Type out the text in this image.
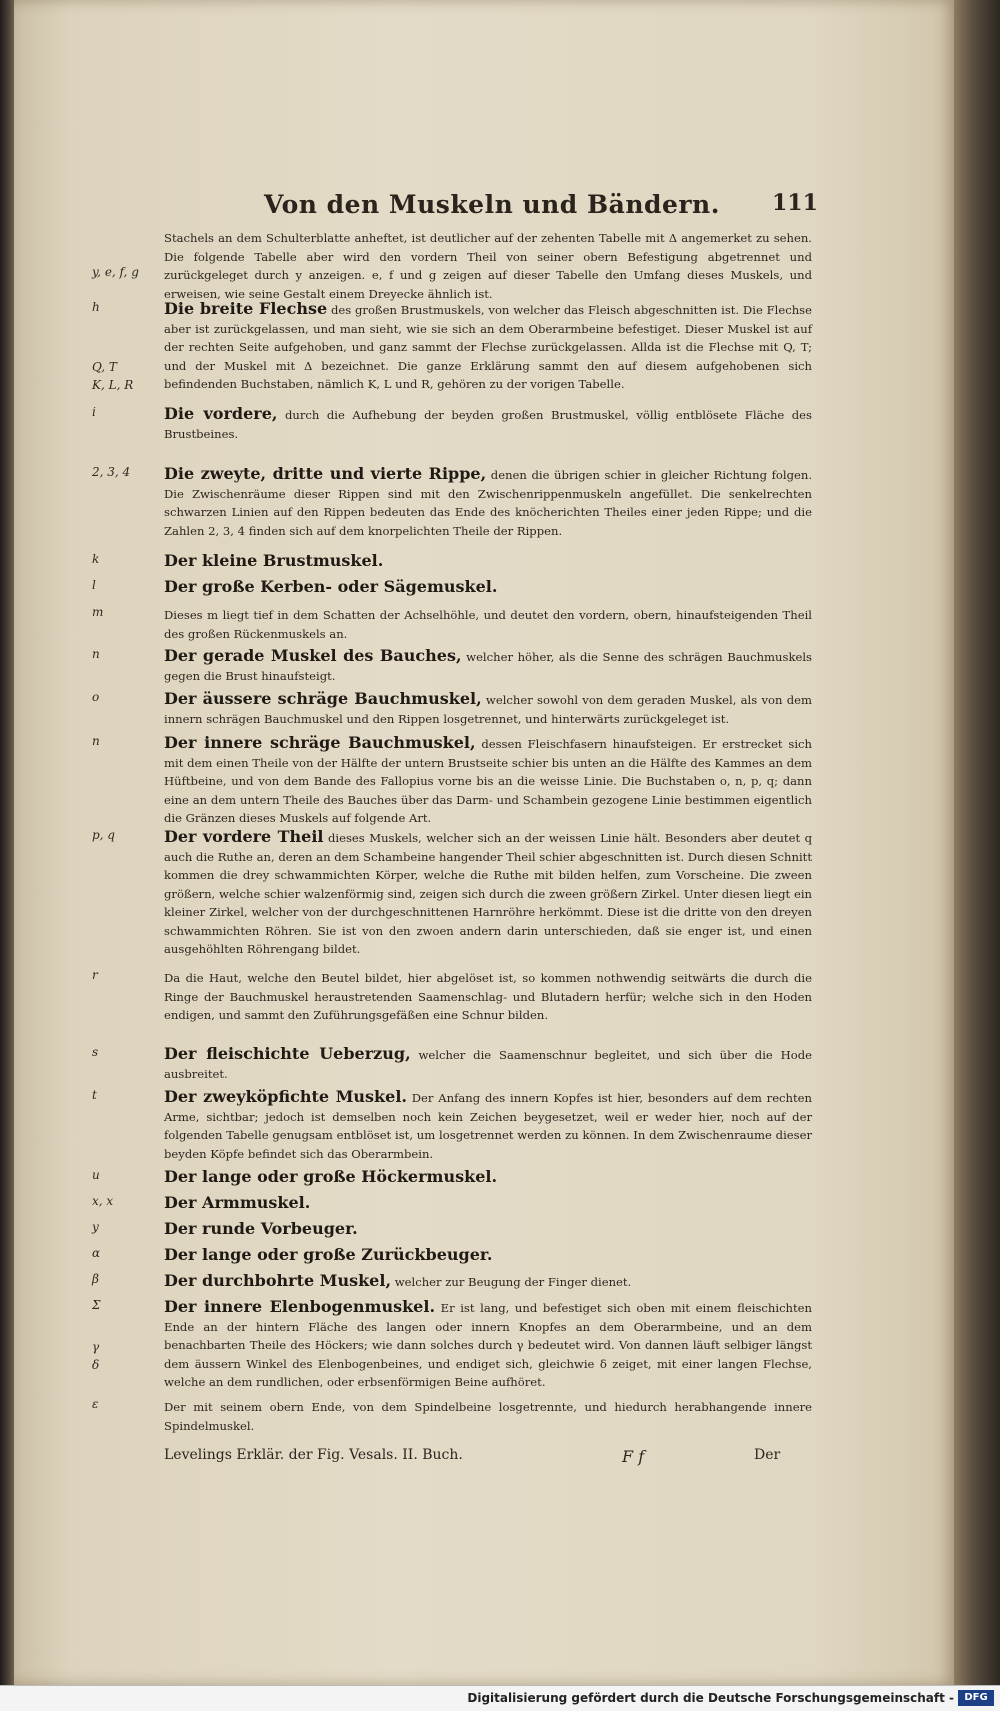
Von den Muskeln und Bändern.	111
Stachels an dem Schulterblatte anheftet, ist deutlicher auf der zehenten Tabelle mit Δ angemerket zu sehen. Die folgende Tabelle aber wird den vordern Theil von seiner obern Befestigung abgetrennet und zurückgeleget durch y anzeigen. e, f und g zeigen auf dieser Tabelle den Umfang dieses Muskels, und erweisen, wie seine Gestalt einem Dreyecke ähnlich ist.
y, e, f, g
h	Die breite Flechse des großen Brustmuskels, von welcher das Fleisch abgeschnitten ist. Die Flechse aber ist zurückgelassen, und man sieht, wie sie sich an dem Oberarmbeine befestiget. Dieser Muskel ist auf der rechten Seite aufgehoben, und ganz sammt der Flechse zurückgelassen. Allda ist die Flechse mit Q, T; und der Muskel mit Δ bezeichnet. Die ganze Erklärung sammt den auf diesem aufgehobenen sich befindenden Buchstaben, nämlich K, L und R, gehören zu der vorigen Tabelle.
Q, T
K, L, R
i	Die vordere, durch die Aufhebung der beyden großen Brustmuskel, völlig entblösete Fläche des Brustbeines.
2, 3, 4	Die zweyte, dritte und vierte Rippe, denen die übrigen schier in gleicher Richtung folgen. Die Zwischenräume dieser Rippen sind mit den Zwischenrippenmuskeln angefüllet. Die senkelrechten schwarzen Linien auf den Rippen bedeuten das Ende des knöcherichten Theiles einer jeden Rippe; und die Zahlen 2, 3, 4 finden sich auf dem knorpelichten Theile der Rippen.
k	Der kleine Brustmuskel.
l	Der große Kerben- oder Sägemuskel.
m	Dieses m liegt tief in dem Schatten der Achselhöhle, und deutet den vordern, obern, hinaufsteigenden Theil des großen Rückenmuskels an.
n	Der gerade Muskel des Bauches, welcher höher, als die Senne des schrägen Bauchmuskels gegen die Brust hinaufsteigt.
o	Der äussere schräge Bauchmuskel, welcher sowohl von dem geraden Muskel, als von dem innern schrägen Bauchmuskel und den Rippen losgetrennet, und hinterwärts zurückgeleget ist.
n	Der innere schräge Bauchmuskel, dessen Fleischfasern hinaufsteigen. Er erstrecket sich mit dem einen Theile von der Hälfte der untern Brustseite schier bis unten an die Hälfte des Kammes an dem Hüftbeine, und von dem Bande des Fallopius vorne bis an die weisse Linie. Die Buchstaben o, n, p, q; dann eine an dem untern Theile des Bauches über das Darm- und Schambein gezogene Linie bestimmen eigentlich die Gränzen dieses Muskels auf folgende Art.
p, q	Der vordere Theil dieses Muskels, welcher sich an der weissen Linie hält. Besonders aber deutet q auch die Ruthe an, deren an dem Schambeine hangender Theil schier abgeschnitten ist. Durch diesen Schnitt kommen die drey schwammichten Körper, welche die Ruthe mit bilden helfen, zum Vorscheine. Die zween größern, welche schier walzenförmig sind, zeigen sich durch die zween größern Zirkel. Unter diesen liegt ein kleiner Zirkel, welcher von der durchgeschnittenen Harnröhre herkömmt. Diese ist die dritte von den dreyen schwammichten Röhren. Sie ist von den zwoen andern darin unterschieden, daß sie enger ist, und einen ausgehöhlten Röhrengang bildet.
r	Da die Haut, welche den Beutel bildet, hier abgelöset ist, so kommen nothwendig seitwärts die durch die Ringe der Bauchmuskel heraustretenden Saamenschlag- und Blutadern herfür; welche sich in den Hoden endigen, und sammt den Zuführungsgefäßen eine Schnur bilden.
s	Der fleischichte Ueberzug, welcher die Saamenschnur begleitet, und sich über die Hode ausbreitet.
t	Der zweyköpfichte Muskel. Der Anfang des innern Kopfes ist hier, besonders auf dem rechten Arme, sichtbar; jedoch ist demselben noch kein Zeichen beygesetzet, weil er weder hier, noch auf der folgenden Tabelle genugsam entblöset ist, um losgetrennet werden zu können. In dem Zwischenraume dieser beyden Köpfe befindet sich das Oberarmbein.
u	Der lange oder große Höckermuskel.
x, x	Der Armmuskel.
y	Der runde Vorbeuger.
α	Der lange oder große Zurückbeuger.
β	Der durchbohrte Muskel, welcher zur Beugung der Finger dienet.
Σ	Der innere Elenbogenmuskel. Er ist lang, und befestiget sich oben mit einem fleischichten Ende an der hintern Fläche des langen oder innern Knopfes an dem Oberarmbeine, und an dem benachbarten Theile des Höckers; wie dann solches durch γ bedeutet wird. Von dannen läuft selbiger längst dem äussern Winkel des Elenbogenbeines, und endiget sich, gleichwie δ zeiget, mit einer langen Flechse, welche an dem rundlichen, oder erbsenförmigen Beine aufhöret.
γ
δ
ε	Der mit seinem obern Ende, von dem Spindelbeine losgetrennte, und hiedurch herabhangende innere Spindelmuskel.
Levelings Erklär. der Fig. Vesals. II. Buch.	F f	Der
Digitalisierung gefördert durch die Deutsche Forschungsgemeinschaft -	DFG
